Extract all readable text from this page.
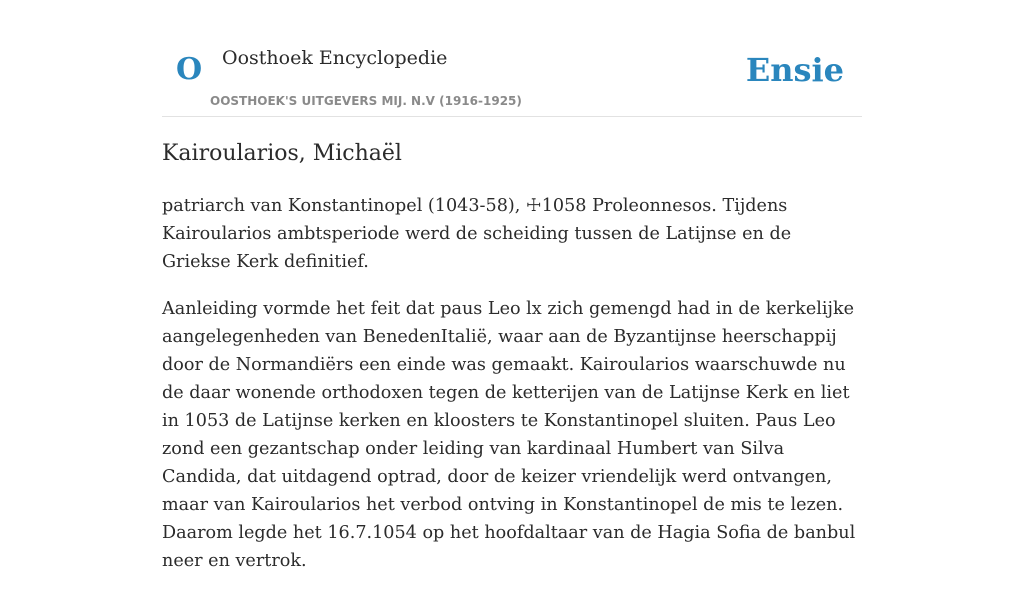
O Oosthoek Encyclopedie
OOSTHOEK'S UITGEVERS MIJ. N.V (1916-1925)
Ensie
Kairoularios, Michaël

patriarch van Konstantinopel (1043-58), ☩1058 Proleonnesos. Tijdens Kairoularios ambtsperiode werd de scheiding tussen de Latijnse en de Griekse Kerk definitief.

Aanleiding vormde het feit dat paus Leo lx zich gemengd had in de kerkelijke aangelegenheden van BenedenItalië, waar aan de Byzantijnse heerschappij door de Normandiërs een einde was gemaakt. Kairoularios waarschuwde nu de daar wonende orthodoxen tegen de ketterijen van de Latijnse Kerk en liet in 1053 de Latijnse kerken en kloosters te Konstantinopel sluiten. Paus Leo zond een gezantschap onder leiding van kardinaal Humbert van Silva Candida, dat uitdagend optrad, door de keizer vriendelijk werd ontvangen, maar van Kairoularios het verbod ontving in Konstantinopel de mis te lezen. Daarom legde het 16.7.1054 op het hoofdaltaar van de Hagia Sofia de banbul neer en vertrok.
